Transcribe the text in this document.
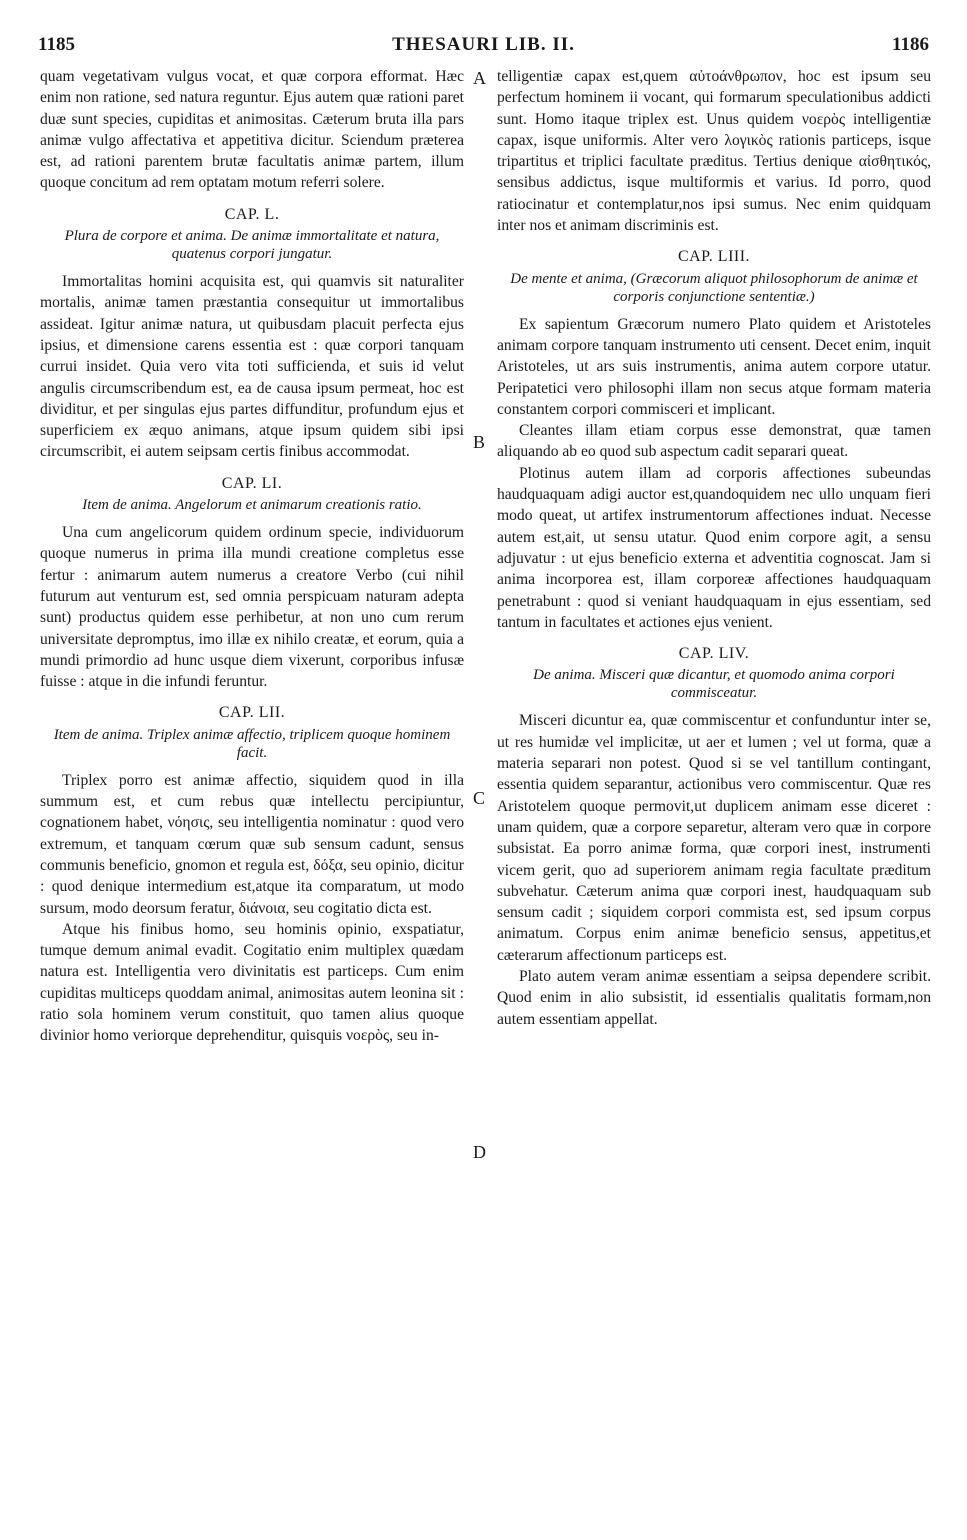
1185	THESAURI LIB. II.	1186
A
B
C
D

quam vegetativam vulgus vocat, et quæ corpora efformat. Hæc enim non ratione, sed natura reguntur. Ejus autem quæ rationi paret duæ sunt species, cupiditas et animositas. Cæterum bruta illa pars animæ vulgo affectativa et appetitiva dicitur. Sciendum præterea est, ad rationi parentem brutæ facultatis animæ partem, illum quoque concitum ad rem optatam motum referri solere.

CAP. L.
Plura de corpore et anima. De animæ immortalitate et natura, quatenus corpori jungatur.

Immortalitas homini acquisita est, qui quamvis sit naturaliter mortalis, animæ tamen præstantia consequitur ut immortalibus assideat. Igitur animæ natura, ut quibusdam placuit perfecta ejus ipsius, et dimensione carens essentia est : quæ corpori tanquam currui insidet. Quia vero vita toti sufficienda, et suis id velut angulis circumscribendum est, ea de causa ipsum permeat, hoc est dividitur, et per singulas ejus partes diffunditur, profundum ejus et superficiem ex æquo animans, atque ipsum quidem sibi ipsi circumscribit, ei autem seipsam certis finibus accommodat.

CAP. LI.
Item de anima. Angelorum et animarum creationis ratio.

Una cum angelicorum quidem ordinum specie, individuorum quoque numerus in prima illa mundi creatione completus esse fertur : animarum autem numerus a creatore Verbo (cui nihil futurum aut venturum est, sed omnia perspicuam naturam adepta sunt) productus quidem esse perhibetur, at non uno cum rerum universitate depromptus, imo illæ ex nihilo creatæ, et eorum, quia a mundi primordio ad hunc usque diem vixerunt, corporibus infusæ fuisse : atque in die infundi feruntur.

CAP. LII.
Item de anima. Triplex animæ affectio, triplicem quoque hominem facit.

Triplex porro est animæ affectio, siquidem quod in illa summum est, et cum rebus quæ intellectu percipiuntur, cognationem habet, νόησις, seu intelligentia nominatur : quod vero extremum, et tanquam cœrum quæ sub sensum cadunt, sensus communis beneficio, gnomon et regula est, δόξα, seu opinio, dicitur : quod denique intermedium est,atque ita comparatum, ut modo sursum, modo deorsum feratur, διάνοια, seu cogitatio dicta est.

Atque his finibus homo, seu hominis opinio, exspatiatur, tumque demum animal evadit. Cogitatio enim multiplex quædam natura est. Intelligentia vero divinitatis est particeps. Cum enim cupiditas multiceps quoddam animal, animositas autem leonina sit : ratio sola hominem verum constituit, quo tamen alius quoque divinior homo veriorque deprehenditur, quisquis νοερὸς, seu in-

telligentiæ capax est,quem αὐτοάνθρωπον, hoc est ipsum seu perfectum hominem ii vocant, qui formarum speculationibus addicti sunt. Homo itaque triplex est. Unus quidem νοερὸς intelligentiæ capax, isque uniformis. Alter vero λογικὸς rationis particeps, isque tripartitus et triplici facultate præditus. Tertius denique αἰσθητικός, sensibus addictus, isque multiformis et varius. Id porro, quod ratiocinatur et contemplatur,nos ipsi sumus. Nec enim quidquam inter nos et animam discriminis est.

CAP. LIII.
De mente et anima, (Græcorum aliquot philosophorum de animæ et corporis conjunctione sententiæ.)

Ex sapientum Græcorum numero Plato quidem et Aristoteles animam corpore tanquam instrumento uti censent. Decet enim, inquit Aristoteles, ut ars suis instrumentis, anima autem corpore utatur. Peripatetici vero philosophi illam non secus atque formam materia constantem corpori commisceri et implicant.

Cleantes illam etiam corpus esse demonstrat, quæ tamen aliquando ab eo quod sub aspectum cadit separari queat.

Plotinus autem illam ad corporis affectiones subeundas haudquaquam adigi auctor est,quandoquidem nec ullo unquam fieri modo queat, ut artifex instrumentorum affectiones induat. Necesse autem est,ait, ut sensu utatur. Quod enim corpore agit, a sensu adjuvatur : ut ejus beneficio externa et adventitia cognoscat. Jam si anima incorporea est, illam corporeæ affectiones haudquaquam penetrabunt : quod si veniant haudquaquam in ejus essentiam, sed tantum in facultates et actiones ejus venient.

CAP. LIV.
De anima. Misceri quæ dicantur, et quomodo anima corpori commisceatur.

Misceri dicuntur ea, quæ commiscentur et confunduntur inter se, ut res humidæ vel implicitæ, ut aer et lumen ; vel ut forma, quæ a materia separari non potest. Quod si se vel tantillum contingant, essentia quidem separantur, actionibus vero commiscentur. Quæ res Aristotelem quoque permovit,ut duplicem animam esse diceret : unam quidem, quæ a corpore separetur, alteram vero quæ in corpore subsistat. Ea porro animæ forma, quæ corpori inest, instrumenti vicem gerit, quo ad superiorem animam regia facultate præditum subvehatur. Cæterum anima quæ corpori inest, haudquaquam sub sensum cadit ; siquidem corpori commista est, sed ipsum corpus animatum. Corpus enim animæ beneficio sensus, appetitus,et cæterarum affectionum particeps est.

Plato autem veram animæ essentiam a seipsa dependere scribit. Quod enim in alio subsistit, id essentialis qualitatis formam,non autem essentiam appellat.
